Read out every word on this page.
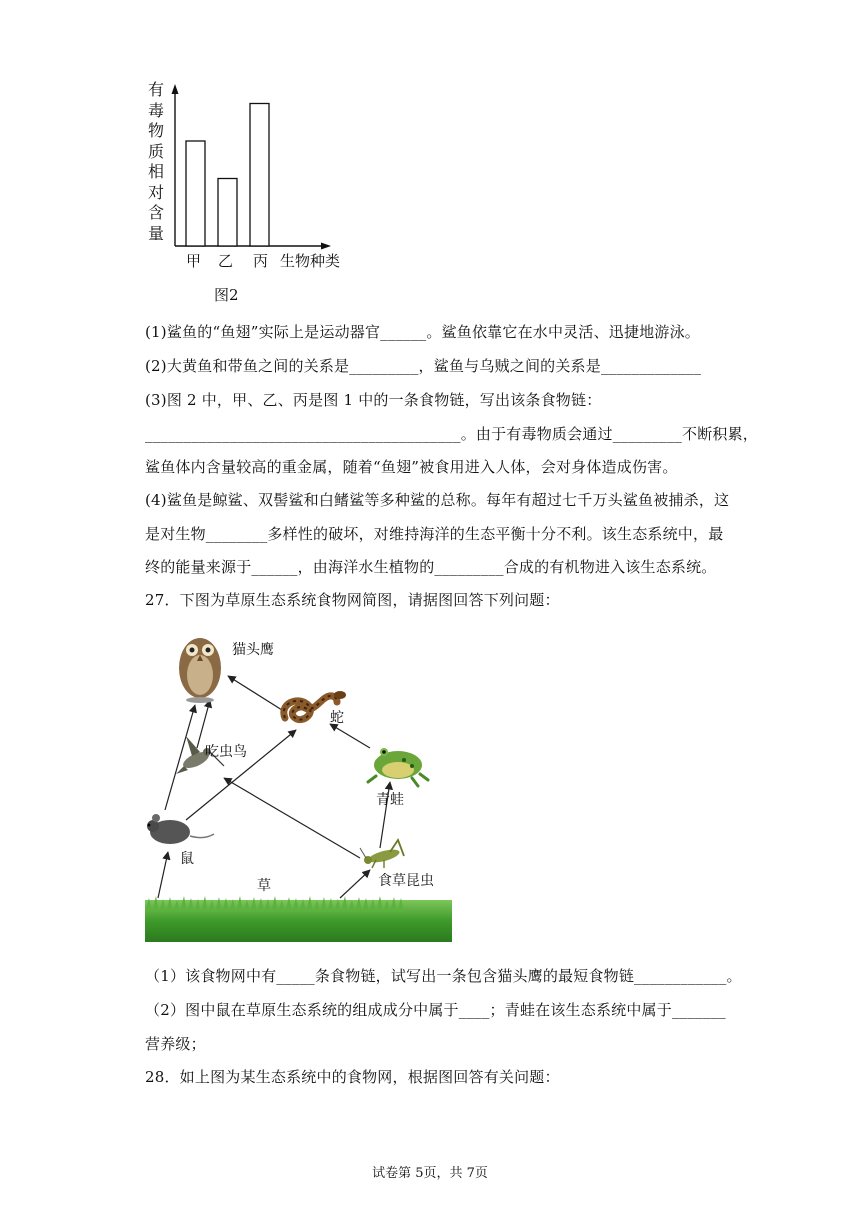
有
毒
物
质
相
对
含
量
甲 乙 丙 生物种类
图2
(1)鲨鱼的“鱼翅”实际上是运动器官______。鲨鱼依靠它在水中灵活、迅捷地游泳。
(2)大黄鱼和带鱼之间的关系是_________，鲨鱼与乌贼之间的关系是_____________
(3)图 2 中，甲、乙、丙是图 1 中的一条食物链，写出该条食物链：
_________________________________________。由于有毒物质会通过_________不断积累，
鲨鱼体内含量较高的重金属，随着“鱼翅”被食用进入人体，会对身体造成伤害。
(4)鲨鱼是鲸鲨、双髻鲨和白鳍鲨等多种鲨的总称。每年有超过七千万头鲨鱼被捕杀，这
是对生物________多样性的破坏，对维持海洋的生态平衡十分不利。该生态系统中，最
终的能量来源于______，由海洋水生植物的_________合成的有机物进入该生态系统。
27．下图为草原生态系统食物网简图，请据图回答下列问题：
猫头鹰
蛇
吃虫鸟
青蛙
鼠
草	食草昆虫
（1）该食物网中有_____条食物链，试写出一条包含猫头鹰的最短食物链____________。
（2）图中鼠在草原生态系统的组成成分中属于____；青蛙在该生态系统中属于_______
营养级；
28．如上图为某生态系统中的食物网，根据图回答有关问题：
试卷第 5页，共 7页
